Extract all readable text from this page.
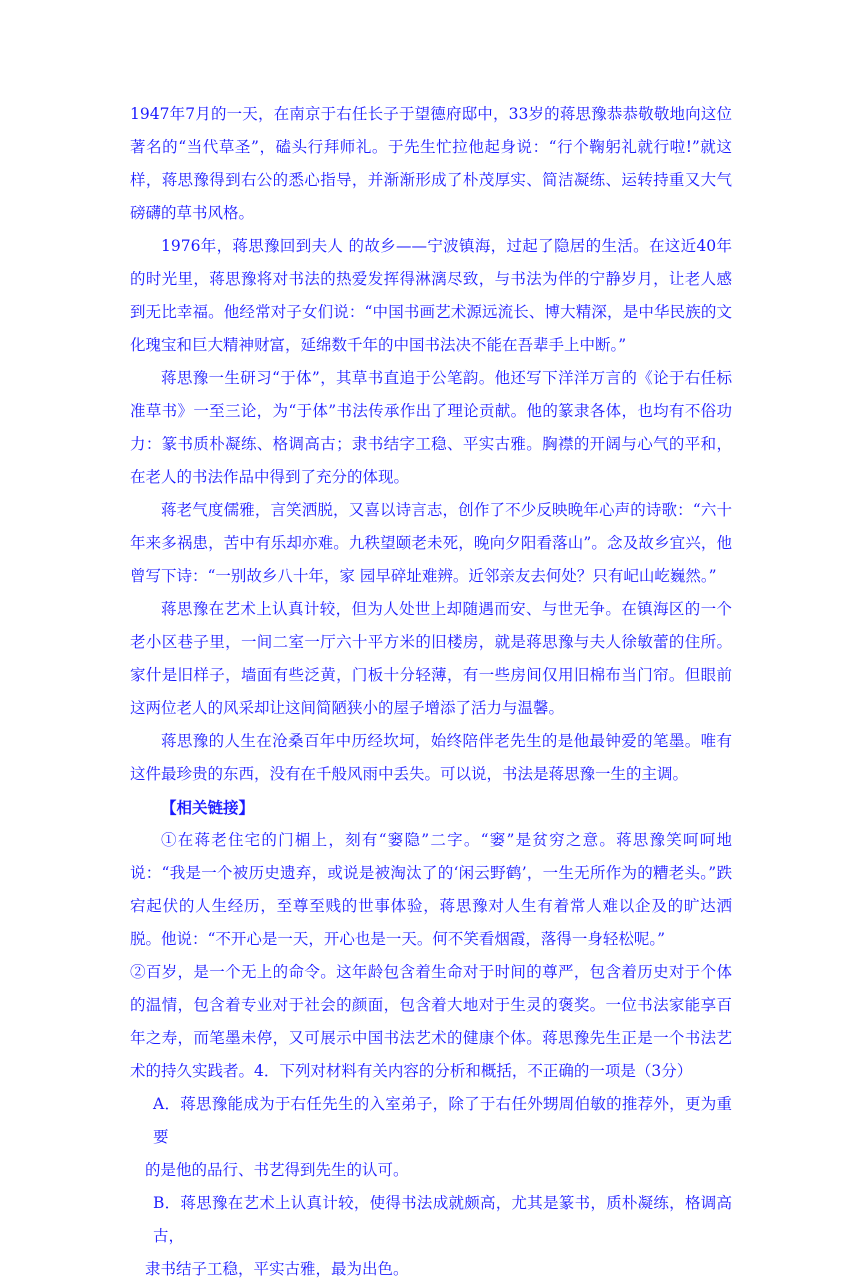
1947年7月的一天，在南京于右任长子于望德府邸中，33岁的蒋思豫恭恭敬敬地向这位著名的“当代草圣”，磕头行拜师礼。于先生忙拉他起身说：“行个鞠躬礼就行啦!”就这样，蒋思豫得到右公的悉心指导，并渐渐形成了朴茂厚实、简洁凝练、运转持重又大气磅礴的草书风格。

1976年，蒋思豫回到夫人 的故乡——宁波镇海，过起了隐居的生活。在这近40年的时光里，蒋思豫将对书法的热爱发挥得淋漓尽致，与书法为伴的宁静岁月，让老人感到无比幸福。他经常对子女们说：“中国书画艺术源远流长、博大精深，是中华民族的文化瑰宝和巨大精神财富，延绵数千年的中国书法决不能在吾辈手上中断。”

蒋思豫一生研习“于体”，其草书直追于公笔韵。他还写下洋洋万言的《论于右任标准草书》一至三论，为“于体”书法传承作出了理论贡献。他的篆隶各体，也均有不俗功力：篆书质朴凝练、格调高古；隶书结字工稳、平实古雅。胸襟的开阔与心气的平和，在老人的书法作品中得到了充分的体现。

蒋老气度儒雅，言笑洒脱，又喜以诗言志，创作了不少反映晚年心声的诗歌：“六十年来多祸患，苦中有乐却亦难。九秩望颐老未死，晚向夕阳看落山”。念及故乡宜兴，他曾写下诗：“一别故乡八十年，家 园早碎址难辨。近邻亲友去何处？只有屺山屹巍然。”

蒋思豫在艺术上认真计较，但为人处世上却随遇而安、与世无争。在镇海区的一个老小区巷子里，一间二室一厅六十平方米的旧楼房，就是蒋思豫与夫人徐敏蕾的住所。家什是旧样子，墙面有些泛黄，门板十分轻薄，有一些房间仅用旧棉布当门帘。但眼前这两位老人的风采却让这间简陋狭小的屋子增添了活力与温馨。

蒋思豫的人生在沧桑百年中历经坎坷，始终陪伴老先生的是他最钟爱的笔墨。唯有这件最珍贵的东西，没有在千般风雨中丢失。可以说，书法是蒋思豫一生的主调。

【相关链接】

①在蒋老住宅的门楣上，刻有“窭隐”二字。“窭”是贫穷之意。蒋思豫笑呵呵地说：“我是一个被历史遗弃，或说是被淘汰了的‘闲云野鹤’，一生无所作为的糟老头。”跌宕起伏的人生经历，至尊至贱的世事体验，蒋思豫对人生有着常人难以企及的旷达洒脱。他说：“不开心是一天，开心也是一天。何不笑看烟霞，落得一身轻松呢。”

②百岁，是一个无上的命令。这年龄包含着生命对于时间的尊严，包含着历史对于个体的温情，包含着专业对于社会的颜面，包含着大地对于生灵的褒奖。一位书法家能享百年之寿，而笔墨未停，又可展示中国书法艺术的健康个体。蒋思豫先生正是一个书法艺术的持久实践者。4．下列对材料有关内容的分析和概括，不正确的一项是（3分）

A．蒋思豫能成为于右任先生的入室弟子，除了于右任外甥周伯敏的推荐外，更为重要

的是他的品行、书艺得到先生的认可。

B．蒋思豫在艺术上认真计较，使得书法成就颇高，尤其是篆书，质朴凝练，格调高古，

隶书结子工稳，平实古雅，最为出色。
